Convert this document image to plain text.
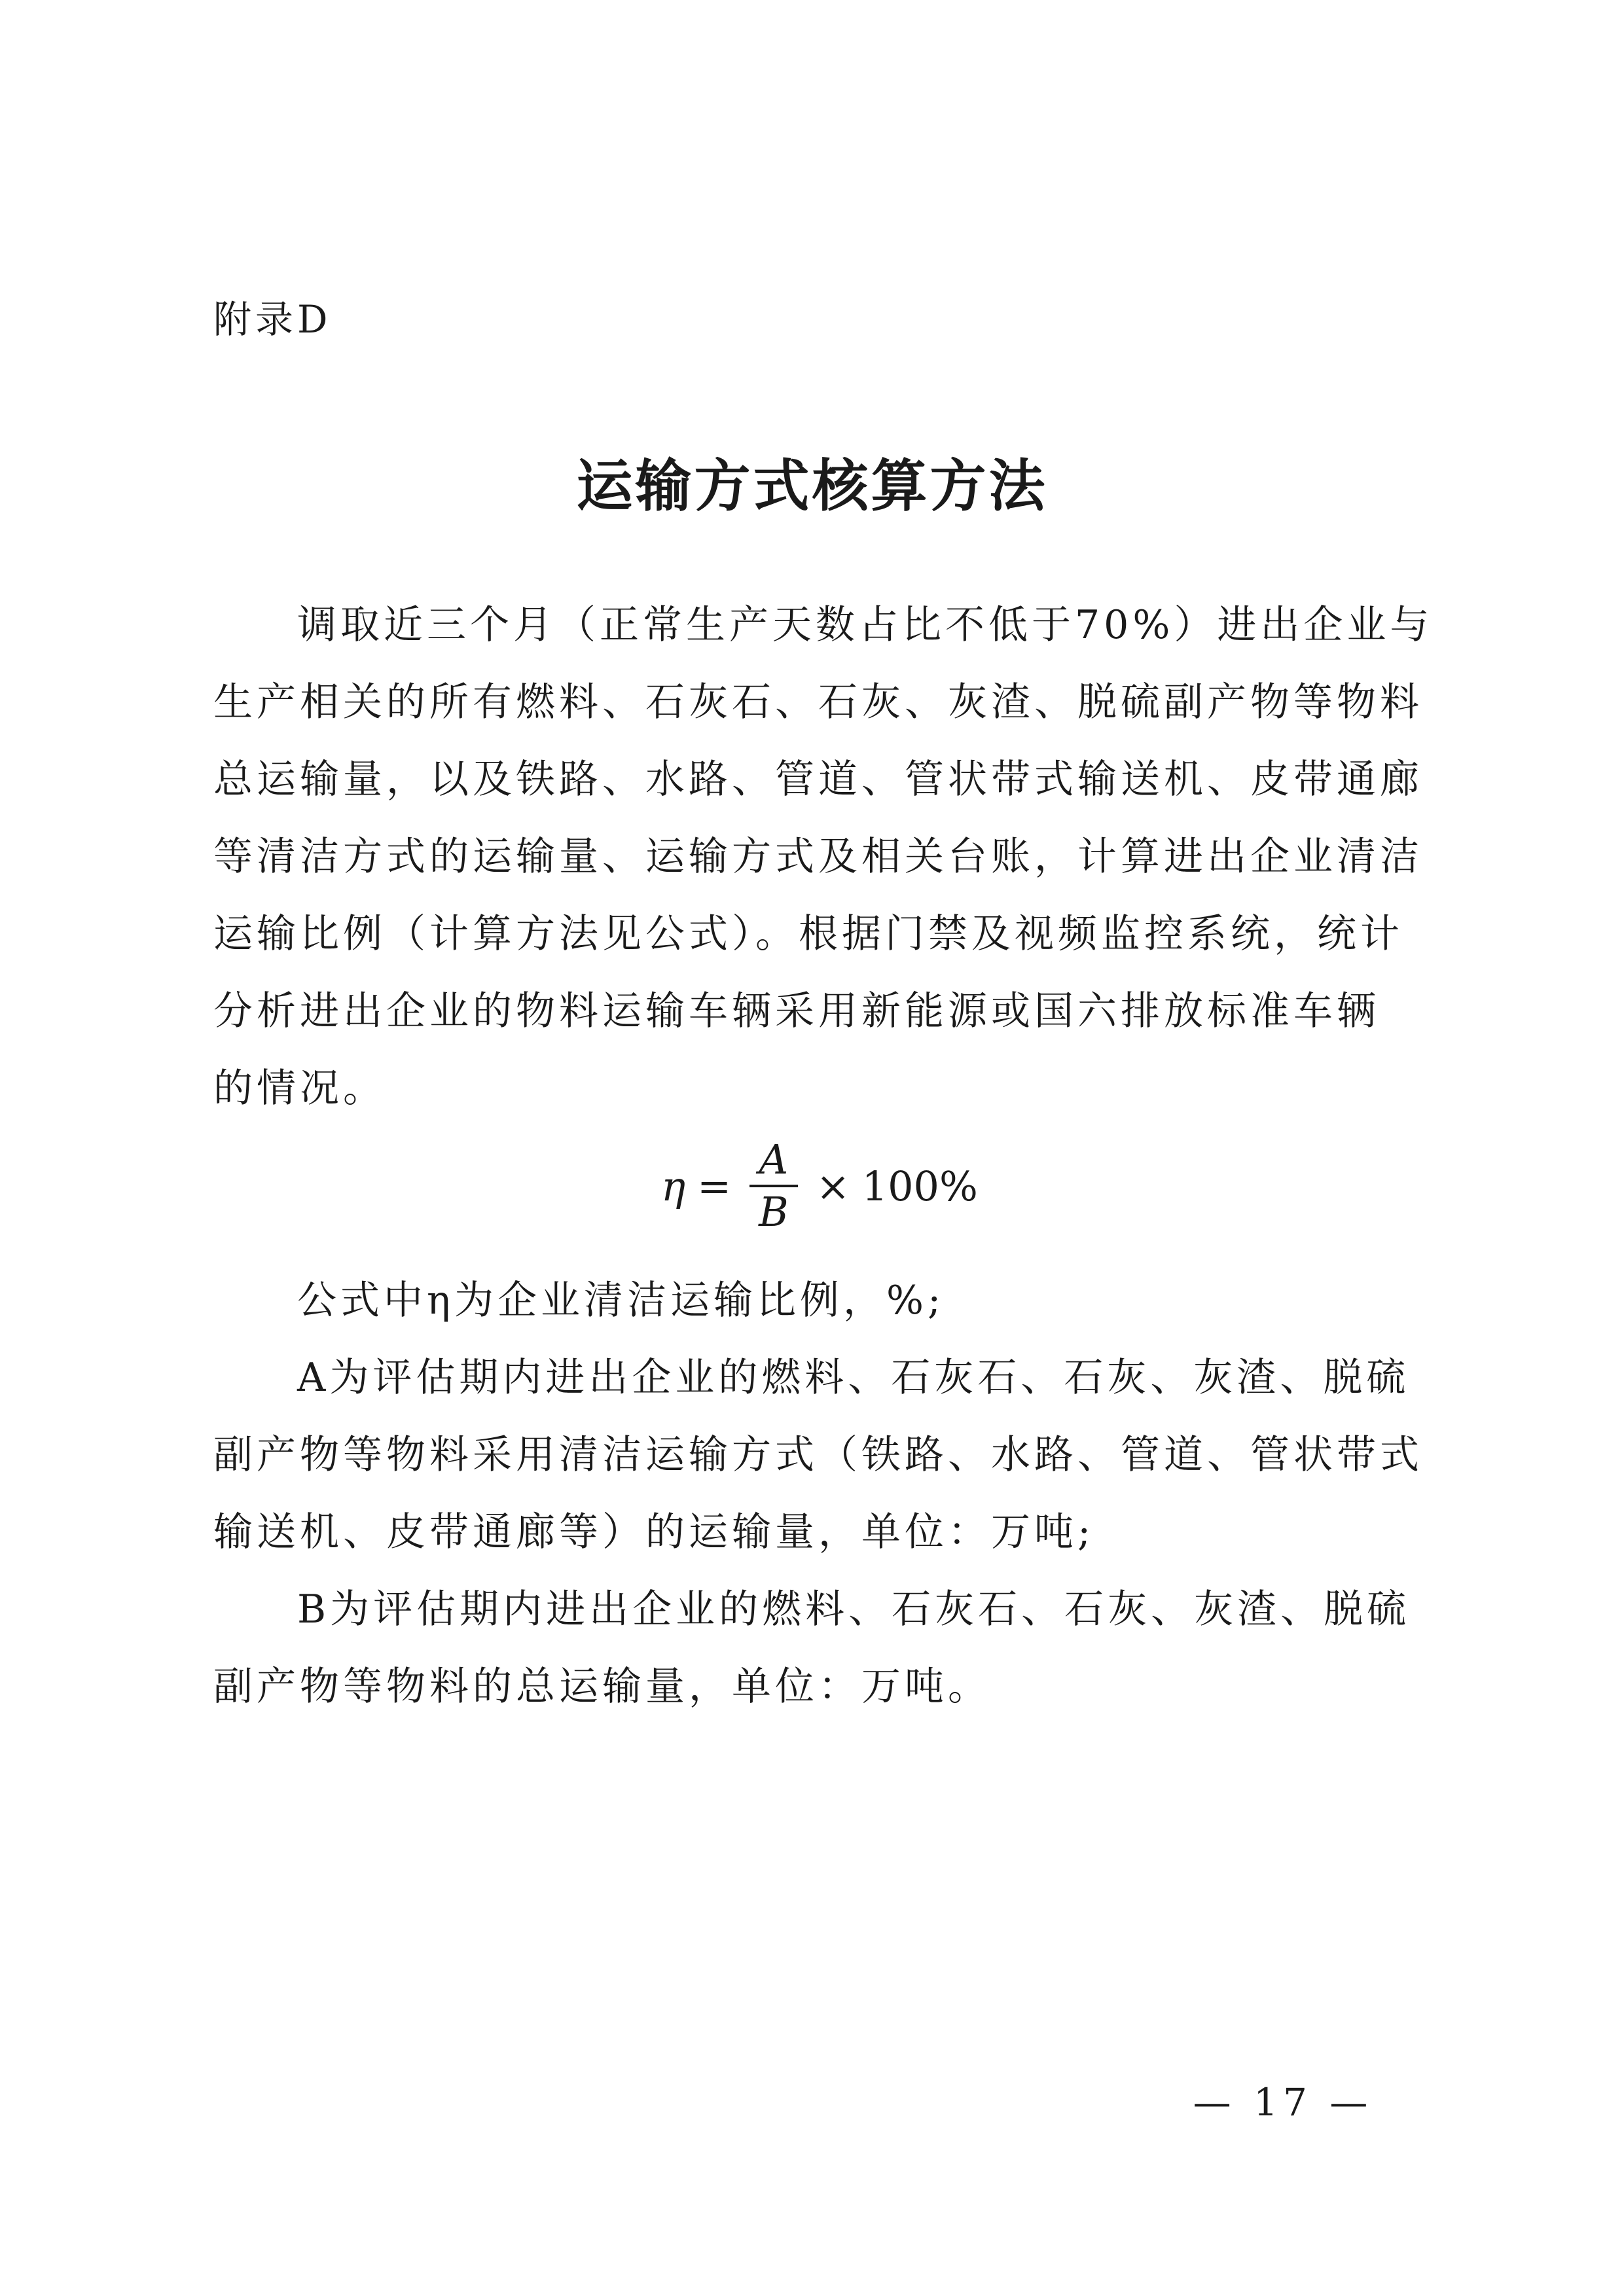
附录D
运输方式核算方法
调取近三个月（正常生产天数占比不低于70%）进出企业与
生产相关的所有燃料、石灰石、石灰、灰渣、脱硫副产物等物料
总运输量，以及铁路、水路、管道、管状带式输送机、皮带通廊
等清洁方式的运输量、运输方式及相关台账，计算进出企业清洁
运输比例（计算方法见公式）。根据门禁及视频监控系统，统计
分析进出企业的物料运输车辆采用新能源或国六排放标准车辆
的情况。
$\eta = \frac{A}{B} \times 100\%$
公式中η为企业清洁运输比例，%;
A为评估期内进出企业的燃料、石灰石、石灰、灰渣、脱硫
副产物等物料采用清洁运输方式（铁路、水路、管道、管状带式
输送机、皮带通廊等）的运输量，单位：万吨;
B为评估期内进出企业的燃料、石灰石、石灰、灰渣、脱硫
副产物等物料的总运输量，单位：万吨。
— 17 —
